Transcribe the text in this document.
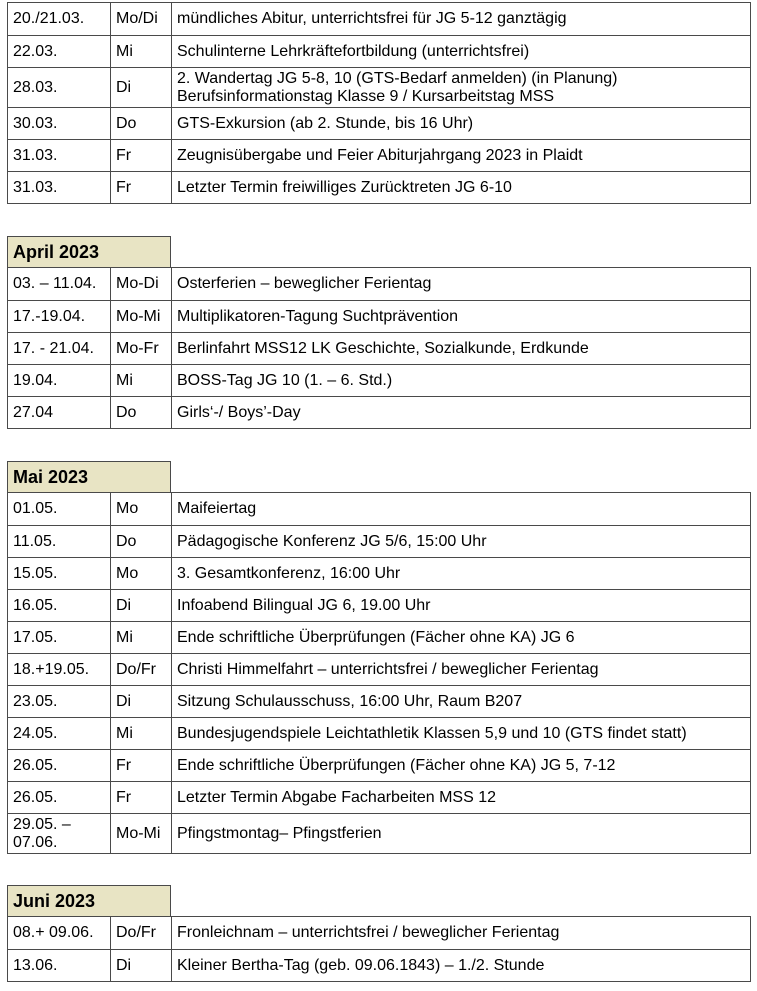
20./21.03.	Mo/Di	mündliches Abitur, unterrichtsfrei für JG 5-12 ganztägig
22.03.	Mi	Schulinterne Lehrkräftefortbildung (unterrichtsfrei)
28.03.	Di	2. Wandertag JG 5-8, 10 (GTS-Bedarf anmelden) (in Planung)
Berufsinformationstag Klasse 9 / Kursarbeitstag MSS

30.03.	Do	GTS-Exkursion (ab 2. Stunde, bis 16 Uhr)
31.03.	Fr	Zeugnisübergabe und Feier Abiturjahrgang 2023 in Plaidt
31.03.	Fr	Letzter Termin freiwilliges Zurücktreten JG 6-10
April 2023
03. – 11.04.	Mo-Di	Osterferien – beweglicher Ferientag
17.-19.04.	Mo-Mi	Multiplikatoren-Tagung Suchtprävention
17. - 21.04.	Mo-Fr	Berlinfahrt MSS12 LK Geschichte, Sozialkunde, Erdkunde
19.04.	Mi	BOSS-Tag JG 10 (1. – 6. Std.)
27.04	Do	Girls‘-/ Boys’-Day
Mai 2023
01.05.	Mo	Maifeiertag
11.05.	Do	Pädagogische Konferenz JG 5/6, 15:00 Uhr
15.05.	Mo	3. Gesamtkonferenz, 16:00 Uhr
16.05.	Di	Infoabend Bilingual JG 6, 19.00 Uhr
17.05.	Mi	Ende schriftliche Überprüfungen (Fächer ohne KA) JG 6
18.+19.05.	Do/Fr	Christi Himmelfahrt – unterrichtsfrei / beweglicher Ferientag
23.05.	Di	Sitzung Schulausschuss, 16:00 Uhr, Raum B207
24.05.	Mi	Bundesjugendspiele Leichtathletik Klassen 5,9 und 10 (GTS findet statt)
26.05.	Fr	Ende schriftliche Überprüfungen (Fächer ohne KA) JG 5, 7-12
26.05.	Fr	Letzter Termin Abgabe Facharbeiten MSS 12

29.05. –
07.06.	Mo-Mi	Pfingstmontag– Pfingstferien
Juni 2023
08.+ 09.06.	Do/Fr	Fronleichnam – unterrichtsfrei / beweglicher Ferientag
13.06.	Di	Kleiner Bertha-Tag (geb. 09.06.1843) – 1./2. Stunde
